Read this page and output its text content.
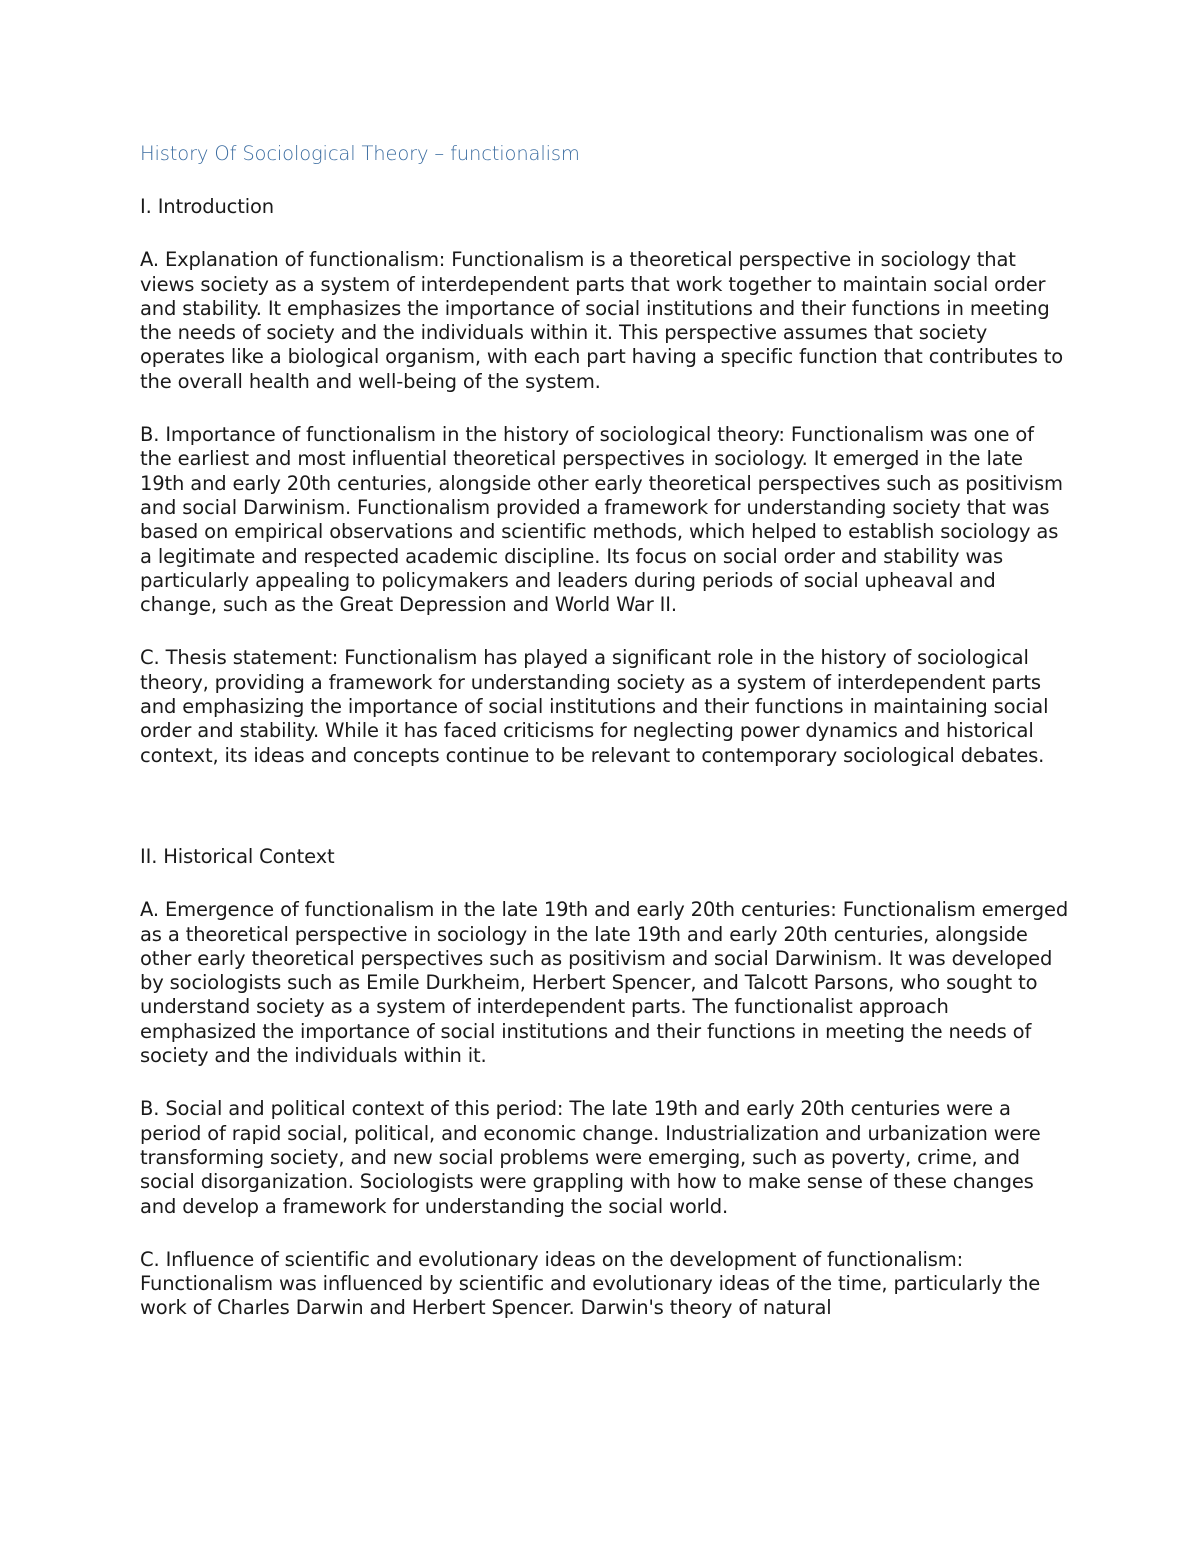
History Of Sociological Theory – functionalism
I. Introduction

A. Explanation of functionalism: Functionalism is a theoretical perspective in sociology that views society as a system of interdependent parts that work together to maintain social order and stability. It emphasizes the importance of social institutions and their functions in meeting the needs of society and the individuals within it. This perspective assumes that society operates like a biological organism, with each part having a specific function that contributes to the overall health and well-being of the system.

B. Importance of functionalism in the history of sociological theory: Functionalism was one of the earliest and most influential theoretical perspectives in sociology. It emerged in the late 19th and early 20th centuries, alongside other early theoretical perspectives such as positivism and social Darwinism. Functionalism provided a framework for understanding society that was based on empirical observations and scientific methods, which helped to establish sociology as a legitimate and respected academic discipline. Its focus on social order and stability was particularly appealing to policymakers and leaders during periods of social upheaval and change, such as the Great Depression and World War II.

C. Thesis statement: Functionalism has played a significant role in the history of sociological theory, providing a framework for understanding society as a system of interdependent parts and emphasizing the importance of social institutions and their functions in maintaining social order and stability. While it has faced criticisms for neglecting power dynamics and historical context, its ideas and concepts continue to be relevant to contemporary sociological debates.

II. Historical Context

A. Emergence of functionalism in the late 19th and early 20th centuries: Functionalism emerged as a theoretical perspective in sociology in the late 19th and early 20th centuries, alongside other early theoretical perspectives such as positivism and social Darwinism. It was developed by sociologists such as Emile Durkheim, Herbert Spencer, and Talcott Parsons, who sought to understand society as a system of interdependent parts. The functionalist approach emphasized the importance of social institutions and their functions in meeting the needs of society and the individuals within it.

B. Social and political context of this period: The late 19th and early 20th centuries were a period of rapid social, political, and economic change. Industrialization and urbanization were transforming society, and new social problems were emerging, such as poverty, crime, and social disorganization. Sociologists were grappling with how to make sense of these changes and develop a framework for understanding the social world.

C. Influence of scientific and evolutionary ideas on the development of functionalism: Functionalism was influenced by scientific and evolutionary ideas of the time, particularly the work of Charles Darwin and Herbert Spencer. Darwin's theory of natural
